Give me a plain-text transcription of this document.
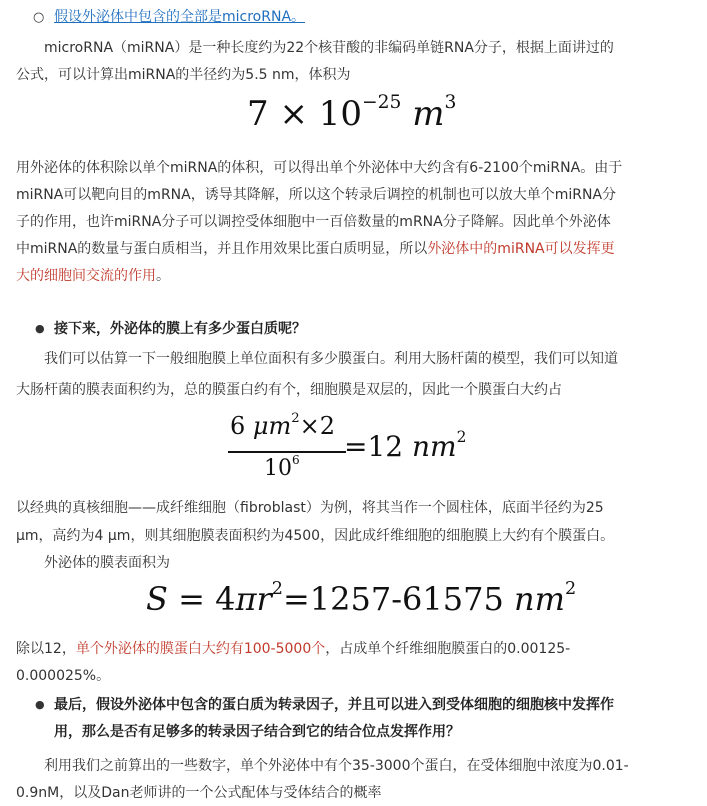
○ 假设外泌体中包含的全部是microRNA。
microRNA（miRNA）是一种长度约为22个核苷酸的非编码单链RNA分子，根据上面讲过的
公式，可以计算出miRNA的半径约为5.5 nm，体积为
$7 \times 10^{-25}$ $m^3$
用外泌体的体积除以单个miRNA的体积，可以得出单个外泌体中大约含有6-2100个miRNA。由于
miRNA可以靶向目的mRNA，诱导其降解，所以这个转录后调控的机制也可以放大单个miRNA分
子的作用，也许miRNA分子可以调控受体细胞中一百倍数量的mRNA分子降解。因此单个外泌体
中miRNA的数量与蛋白质相当，并且作用效果比蛋白质明显，所以外泌体中的miRNA可以发挥更
大的细胞间交流的作用。
● 接下来，外泌体的膜上有多少蛋白质呢？
我们可以估算一下一般细胞膜上单位面积有多少膜蛋白。利用大肠杆菌的模型，我们可以知道
大肠杆菌的膜表面积约为，总的膜蛋白约有个，细胞膜是双层的，因此一个膜蛋白大约占
6 $\mu m^2\times 2$
$10^6 =12$ $nm^2$
以经典的真核细胞——成纤维细胞（fibroblast）为例，将其当作一个圆柱体，底面半径约为25
μm，高约为4 μm，则其细胞膜表面积约为4500，因此成纤维细胞的细胞膜上大约有个膜蛋白。
外泌体的膜表面积为
$S = 4\pi r^2=1257-61575$ $nm^2$
除以12，单个外泌体的膜蛋白大约有100-5000个，占成单个纤维细胞膜蛋白的0.00125-
0.000025%。
● 最后，假设外泌体中包含的蛋白质为转录因子，并且可以进入到受体细胞的细胞核中发挥作
用，那么是否有足够多的转录因子结合到它的结合位点发挥作用？
利用我们之前算出的一些数字，单个外泌体中有个35-3000个蛋白，在受体细胞中浓度为0.01-
0.9nM，以及Dan老师讲的一个公式配体与受体结合的概率
